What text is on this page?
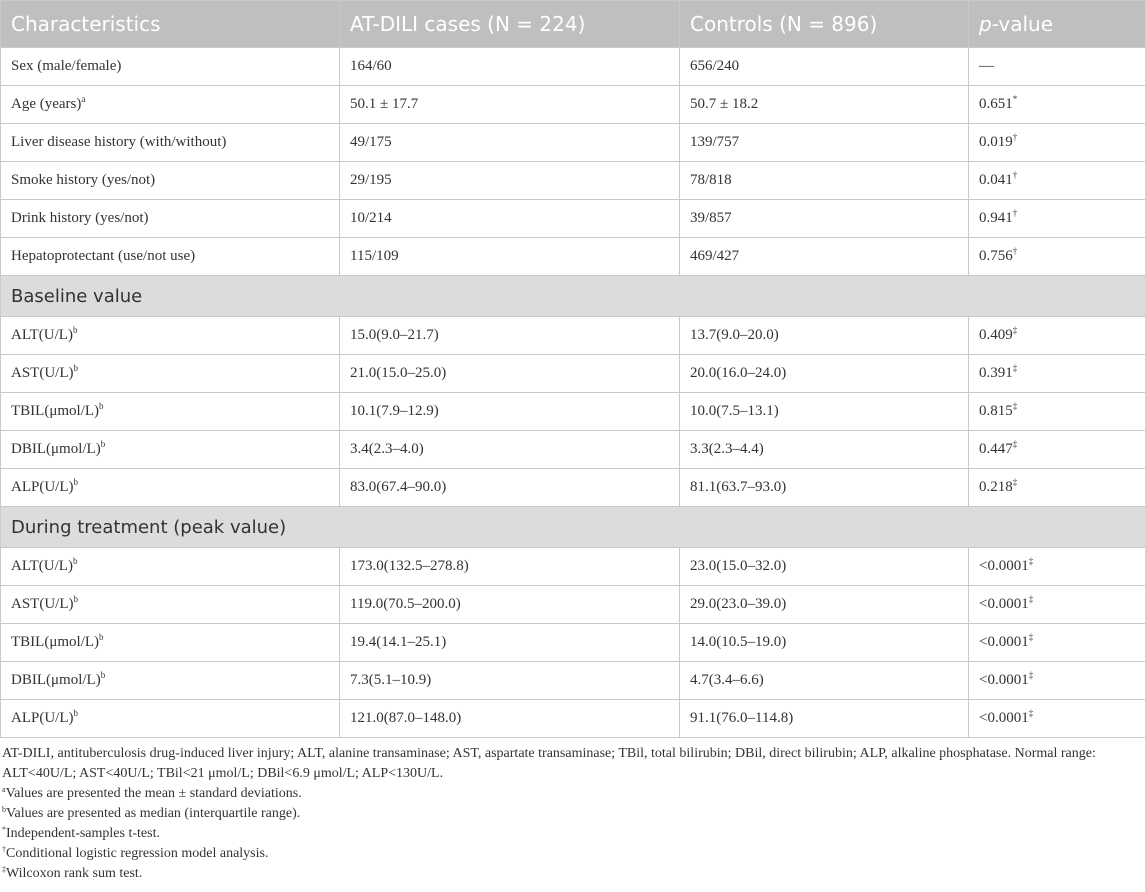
Characteristics	AT-DILI cases (N = 224)	Controls (N = 896)	p-value
Sex (male/female)	164/60	656/240	—
Age (years)$^a$	50.1 ± 17.7	50.7 ± 18.2	0.651*
Liver disease history (with/without)	49/175	139/757	0.019†
Smoke history (yes/not)	29/195	78/818	0.041†
Drink history (yes/not)	10/214	39/857	0.941†
Hepatoprotectant (use/not use)	115/109	469/427	0.756†
Baseline value			
$ALT(U/L)^b$	15.0(9.0–21.7)	13.7(9.0–20.0)	0.409‡
$AST(U/L)^b$	21.0(15.0–25.0)	20.0(16.0–24.0)	0.391‡
$TBIL(\mu mol/L)^b$	10.1(7.9–12.9)	10.0(7.5–13.1)	0.815‡
$DBIL(\mu mol/L)^b$	3.4(2.3–4.0)	3.3(2.3–4.4)	0.447‡
$ALP(U/L)^b$	83.0(67.4–90.0)	81.1(63.7–93.0)	0.218‡
During treatment (peak value)			
$ALT(U/L)^b$	173.0(132.5–278.8)	23.0(15.0–32.0)	<0.0001‡
$AST(U/L)^b$	119.0(70.5–200.0)	29.0(23.0–39.0)	<0.0001‡
$TBIL(\mu mol/L)^b$	19.4(14.1–25.1)	14.0(10.5–19.0)	<0.0001‡
$DBIL(\mu mol/L)^b$	7.3(5.1–10.9)	4.7(3.4–6.6)	<0.0001‡
$ALP(U/L)^b$	121.0(87.0–148.0)	91.1(76.0–114.8)	<0.0001‡

AT-DILI, antituberculosis drug-induced liver injury; ALT, alanine transaminase; AST, aspartate transaminase; TBil, total bilirubin; DBil, direct bilirubin; ALP, alkaline phosphatase. Normal range: ALT<40U/L; AST<40U/L; TBil<21 μmol/L; DBil<6.9 μmol/L; ALP<130U/L.

$^a$Values are presented the mean ± standard deviations.

$^b$Values are presented as median (interquartile range).

*Independent-samples t-test.

†Conditional logistic regression model analysis.

‡Wilcoxon rank sum test.
